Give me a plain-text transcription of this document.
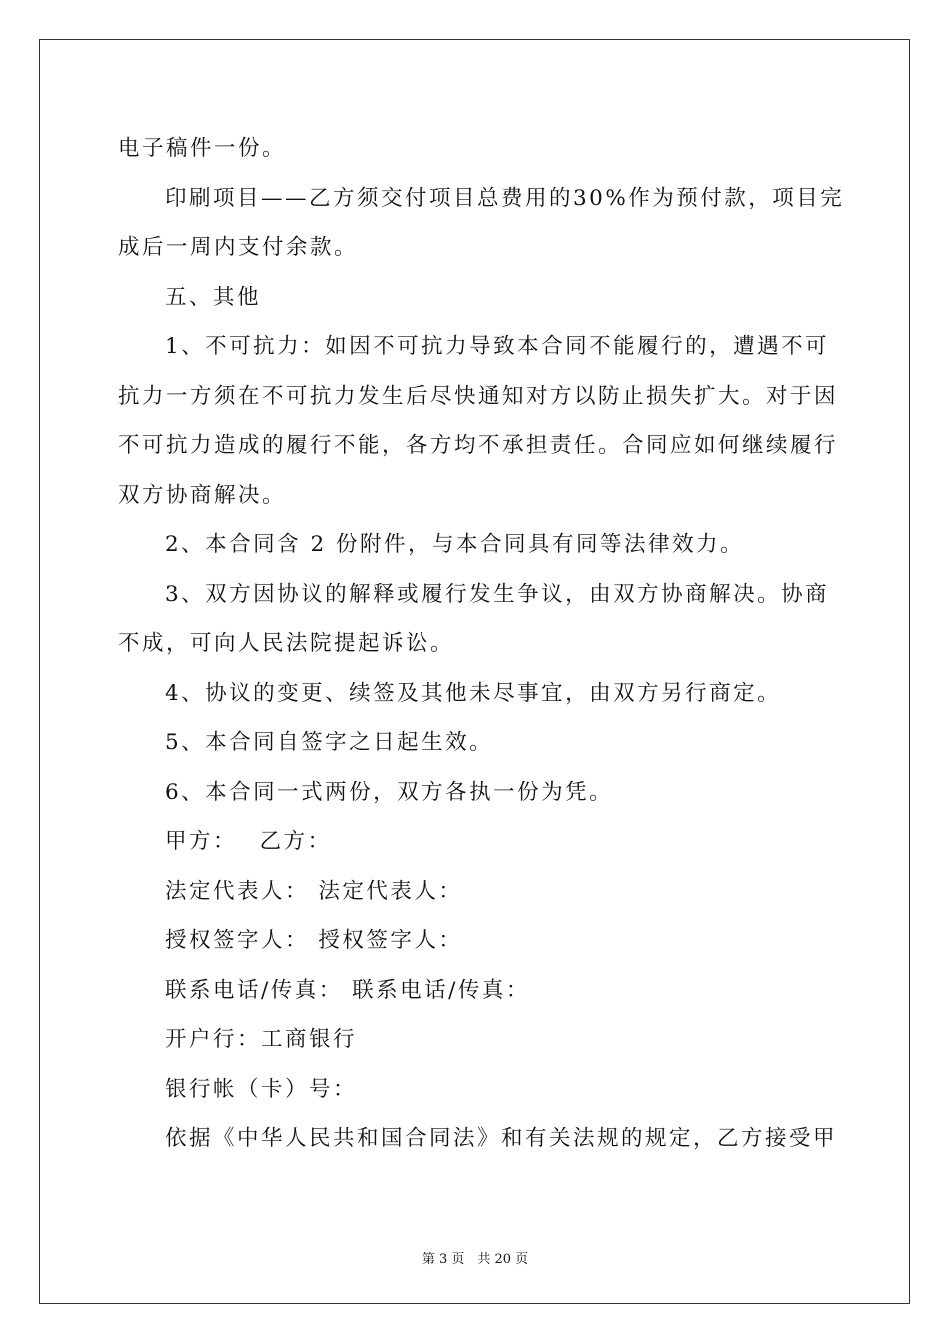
电子稿件一份。
印刷项目——乙方须交付项目总费用的30%作为预付款，项目完
成后一周内支付余款。
五、其他
1、不可抗力：如因不可抗力导致本合同不能履行的，遭遇不可
抗力一方须在不可抗力发生后尽快通知对方以防止损失扩大。对于因
不可抗力造成的履行不能，各方均不承担责任。合同应如何继续履行
双方协商解决。
2、本合同含 2 份附件，与本合同具有同等法律效力。
3、双方因协议的解释或履行发生争议，由双方协商解决。协商
不成，可向人民法院提起诉讼。
4、协议的变更、续签及其他未尽事宜，由双方另行商定。
5、本合同自签字之日起生效。
6、本合同一式两份，双方各执一份为凭。
甲方：　 乙方：
法定代表人： 法定代表人：
授权签字人： 授权签字人：
联系电话/传真： 联系电话/传真：
开户行：工商银行
银行帐（卡）号：
依据《中华人民共和国合同法》和有关法规的规定，乙方接受甲
第 3 页　共 20 页
